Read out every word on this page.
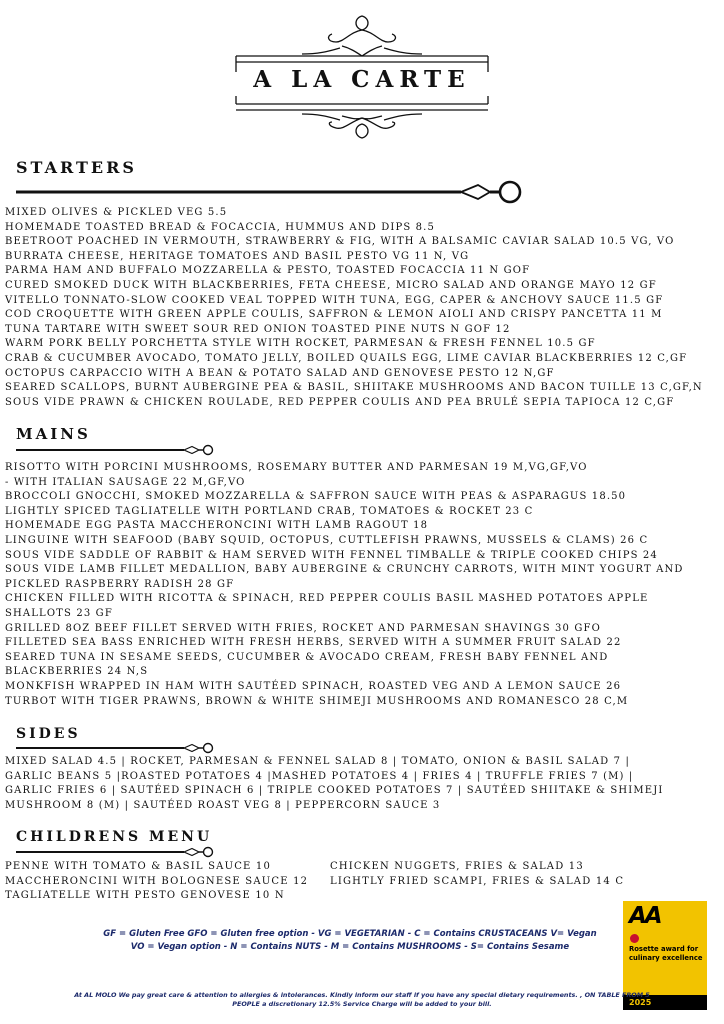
A LA CARTE
STARTERS
MIXED OLIVES & PICKLED VEG 5.5
HOMEMADE TOASTED BREAD & FOCACCIA, HUMMUS AND DIPS 8.5
BEETROOT POACHED IN VERMOUTH, STRAWBERRY & FIG, WITH A BALSAMIC CAVIAR SALAD 10.5 VG, VO
BURRATA CHEESE, HERITAGE TOMATOES AND BASIL PESTO VG 11 N, VG
PARMA HAM AND BUFFALO MOZZARELLA & PESTO, TOASTED FOCACCIA 11 N GOF
CURED SMOKED DUCK WITH BLACKBERRIES, FETA CHEESE, MICRO SALAD AND ORANGE MAYO 12 GF
VITELLO TONNATO-SLOW COOKED VEAL TOPPED WITH TUNA, EGG, CAPER & ANCHOVY SAUCE 11.5 GF
COD CROQUETTE WITH GREEN APPLE COULIS, SAFFRON & LEMON AIOLI AND CRISPY PANCETTA 11 M
TUNA TARTARE WITH SWEET SOUR RED ONION TOASTED PINE NUTS N GOF 12
WARM PORK BELLY PORCHETTA STYLE WITH ROCKET, PARMESAN & FRESH FENNEL 10.5 GF
CRAB & CUCUMBER AVOCADO, TOMATO JELLY, BOILED QUAILS EGG, LIME CAVIAR BLACKBERRIES 12 C,GF
OCTOPUS CARPACCIO WITH A BEAN & POTATO SALAD AND GENOVESE PESTO 12 N,GF
SEARED SCALLOPS, BURNT AUBERGINE PEA & BASIL, SHIITAKE MUSHROOMS AND BACON TUILLE 13 C,GF,N
SOUS VIDE PRAWN & CHICKEN ROULADE, RED PEPPER COULIS AND PEA BRULÉ SEPIA TAPIOCA 12 C,GF
MAINS
RISOTTO WITH PORCINI MUSHROOMS, ROSEMARY BUTTER AND PARMESAN 19 M,VG,GF,VO
- WITH ITALIAN SAUSAGE 22 M,GF,VO
BROCCOLI GNOCCHI, SMOKED MOZZARELLA & SAFFRON SAUCE WITH PEAS & ASPARAGUS 18.50
LIGHTLY SPICED TAGLIATELLE WITH PORTLAND CRAB, TOMATOES & ROCKET 23 C
HOMEMADE EGG PASTA MACCHERONCINI WITH LAMB RAGOUT 18
LINGUINE WITH SEAFOOD (BABY SQUID, OCTOPUS, CUTTLEFISH PRAWNS, MUSSELS & CLAMS) 26 C
SOUS VIDE SADDLE OF RABBIT & HAM SERVED WITH FENNEL TIMBALLE & TRIPLE COOKED CHIPS 24
SOUS VIDE LAMB FILLET MEDALLION, BABY AUBERGINE & CRUNCHY CARROTS, WITH MINT YOGURT AND
PICKLED RASPBERRY RADISH 28 GF
CHICKEN FILLED WITH RICOTTA & SPINACH, RED PEPPER COULIS BASIL MASHED POTATOES APPLE
SHALLOTS 23 GF
GRILLED 8OZ BEEF FILLET SERVED WITH FRIES, ROCKET AND PARMESAN SHAVINGS 30 GFO
FILLETED SEA BASS ENRICHED WITH FRESH HERBS, SERVED WITH A SUMMER FRUIT SALAD 22
SEARED TUNA IN SESAME SEEDS, CUCUMBER & AVOCADO CREAM, FRESH BABY FENNEL AND
BLACKBERRIES 24 N,S
MONKFISH WRAPPED IN HAM WITH SAUTÉED SPINACH, ROASTED VEG AND A LEMON SAUCE 26
TURBOT WITH TIGER PRAWNS, BROWN & WHITE SHIMEJI MUSHROOMS AND ROMANESCO 28 C,M
SIDES
MIXED SALAD 4.5 | ROCKET, PARMESAN & FENNEL SALAD 8 | TOMATO, ONION & BASIL SALAD 7 |
GARLIC BEANS 5 |ROASTED POTATOES 4 |MASHED POTATOES 4 | FRIES 4 | TRUFFLE FRIES 7 (M) |
GARLIC FRIES 6 | SAUTÉED SPINACH 6 | TRIPLE COOKED POTATOES 7 | SAUTÉED SHIITAKE & SHIMEJI
MUSHROOM 8 (M) | SAUTÉED ROAST VEG 8 | PEPPERCORN SAUCE 3
CHILDRENS MENU
PENNE WITH TOMATO & BASIL SAUCE 10
MACCHERONCINI WITH BOLOGNESE SAUCE 12
TAGLIATELLE WITH PESTO GENOVESE 10 N
CHICKEN NUGGETS, FRIES & SALAD 13
LIGHTLY FRIED SCAMPI, FRIES & SALAD 14 C
GF = Gluten Free GFO = Gluten free option - VG = VEGETARIAN - C = Contains CRUSTACEANS V= Vegan
VO = Vegan option - N = Contains NUTS - M = Contains MUSHROOMS - S= Contains Sesame
AA
Rosette award for culinary excellence
2025
At AL MOLO We pay great care & attention to allergies & intolerances. Kindly inform our staff if you have any special dietary requirements. , ON TABLE FROM 5
PEOPLE a discretionary 12.5% Service Charge will be added to your bill.
